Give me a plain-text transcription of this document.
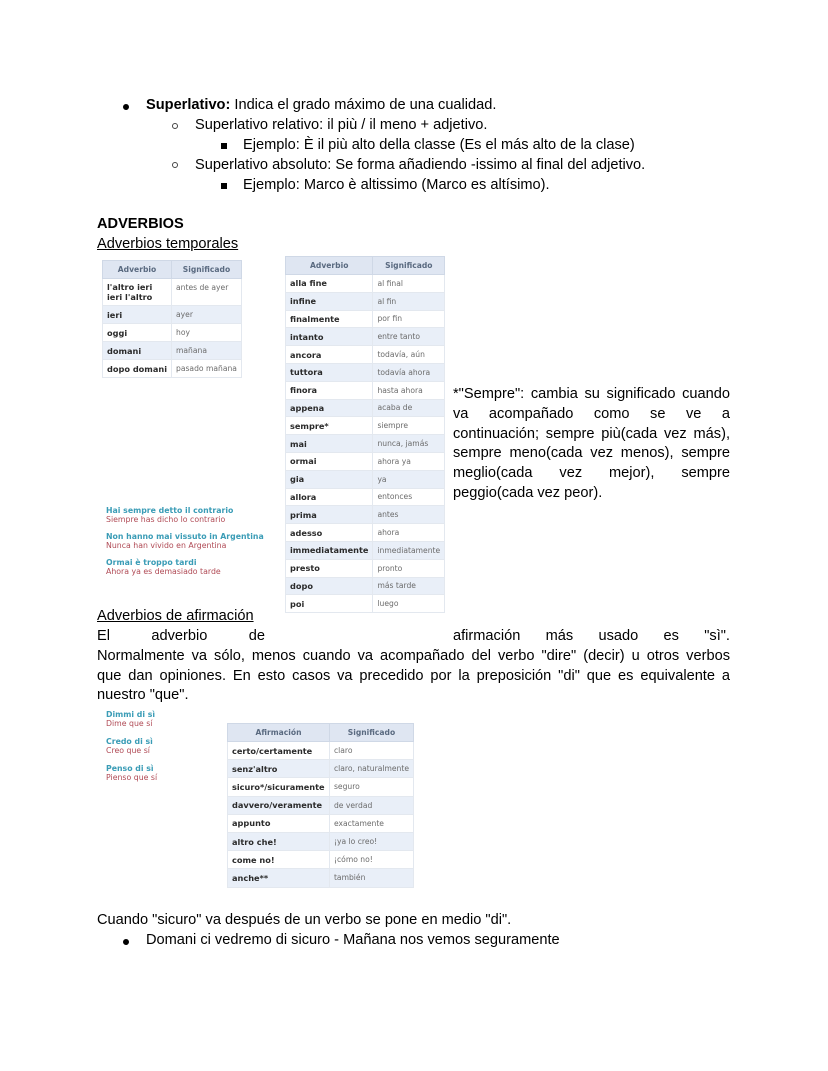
Superlativo: Indica el grado máximo de una cualidad.
Superlativo relativo: il più / il meno + adjetivo.
Ejemplo: È il più alto della classe (Es el más alto de la clase)
Superlativo absoluto: Se forma añadiendo -issimo al final del adjetivo.
Ejemplo: Marco è altissimo (Marco es altísimo).
ADVERBIOS
Adverbios temporales
Adverbio	Significado
l'altro ieri
ieri l'altro	antes de ayer
ieri	ayer
oggi	hoy
domani	mañana
dopo domani	pasado mañana
Adverbio	Significado
alla fine	al final
infine	al fin
finalmente	por fin
intanto	entre tanto
ancora	todavía, aún
tuttora	todavía ahora
finora	hasta ahora
appena	acaba de
sempre*	siempre
mai	nunca, jamás
ormai	ahora ya
gia	ya
allora	entonces
prima	antes
adesso	ahora
immediatamente	inmediatamente
presto	pronto
dopo	más tarde
poi	luego
Hai sempre detto il contrario
Siempre has dicho lo contrario
Non hanno mai vissuto in Argentina
Nunca han vivido en Argentina
Ormai è troppo tardi
Ahora ya es demasiado tarde
*"Sempre": cambia su significado cuando
va acompañado como se ve a
continuación; sempre più(cada vez más),
sempre meno(cada vez menos), sempre
meglio(cada vez mejor), sempre
peggio(cada vez peor).
Adverbios de afirmación
El adverbio de	afirmación más usado es "sì".
Normalmente va sólo, menos cuando va acompañado del verbo "dire" (decir) u otros verbos
que dan opiniones. En esto casos va precedido por la preposición "di" que es equivalente a
nuestro "que".
Dimmi di sì
Dime que sí
Credo di sì
Creo que sí
Penso di sì
Pienso que sí
Afirmación	Significado
certo/certamente	claro
senz'altro	claro, naturalmente
sicuro*/sicuramente	seguro
davvero/veramente	de verdad
appunto	exactamente
altro che!	¡ya lo creo!
come no!	¡cómo no!
anche**	también
Cuando "sicuro" va después de un verbo se pone en medio "di".
Domani ci vedremo di sicuro - Mañana nos vemos seguramente
